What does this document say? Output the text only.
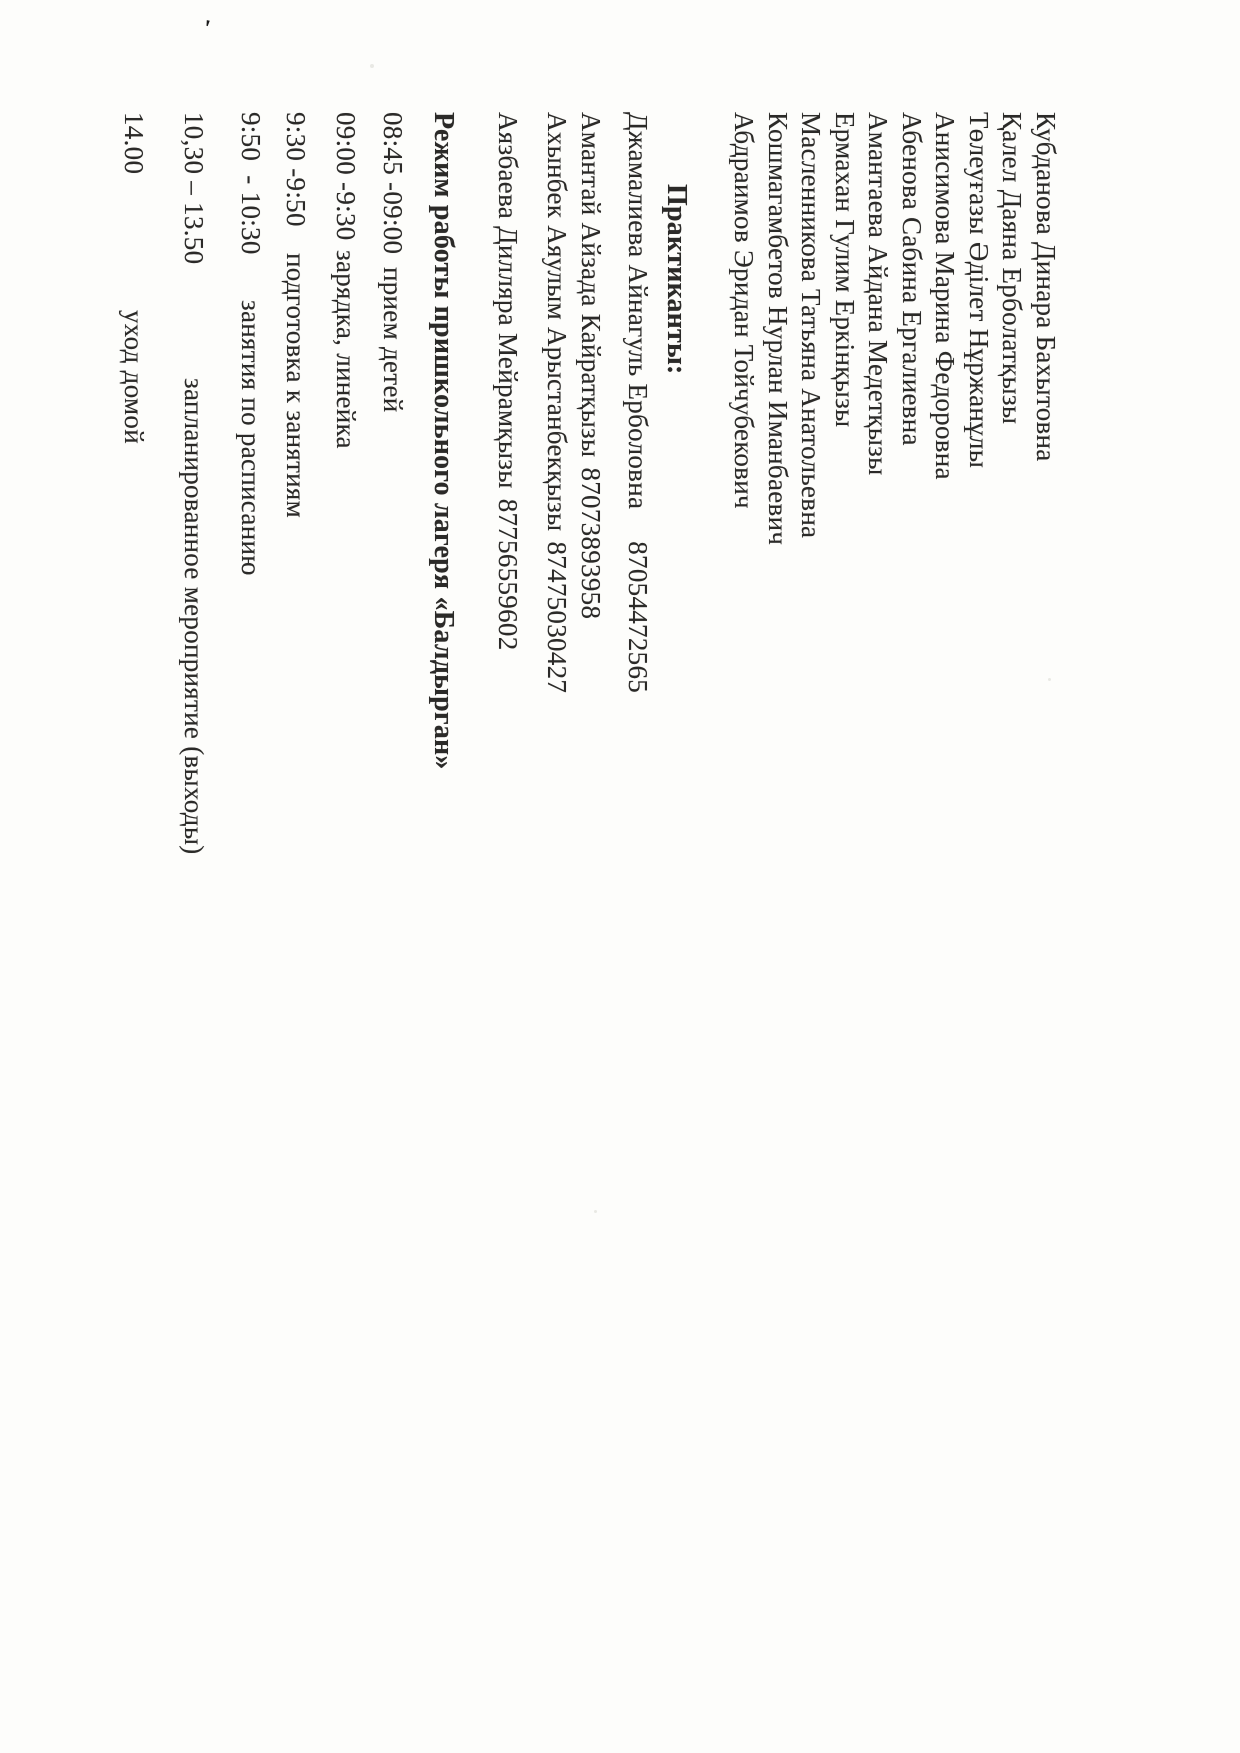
'
Кубданова Динара Бахытовна
Қалел Даяна Ерболатқызы
Төлеуғазы Әділет Нұржанұлы
Анисимова Марина Федоровна
Абенова Сабина Ергалиевна
Амантаева Айдана Медетқызы
Ермахан Гулим Еркінқызы
Масленникова Татьяна Анатольевна
Кошмагамбетов Нурлан Иманбаевич
Абдраимов Эридан Тойчубекович
Практиканты:
Джамалиева Айнагуль Ерболовна87054472565
Амантай Айзада Кайратқызы87073893958
Ахынбек Аяулым Арыстанбекқызы87475030427
Аязбаева Дилляра Мейрамқызы87756559602
Режим работы пришкольного лагеря «Балдырган»
08:45 -09:00прием детей
09:00 -9:30зарядка, линейка
9:30 -9:50подготовка к занятиям
9:50  - 10:30занятия по расписанию
10,30 – 13.50запланированное мероприятие (выходы)
14.00уход домой
